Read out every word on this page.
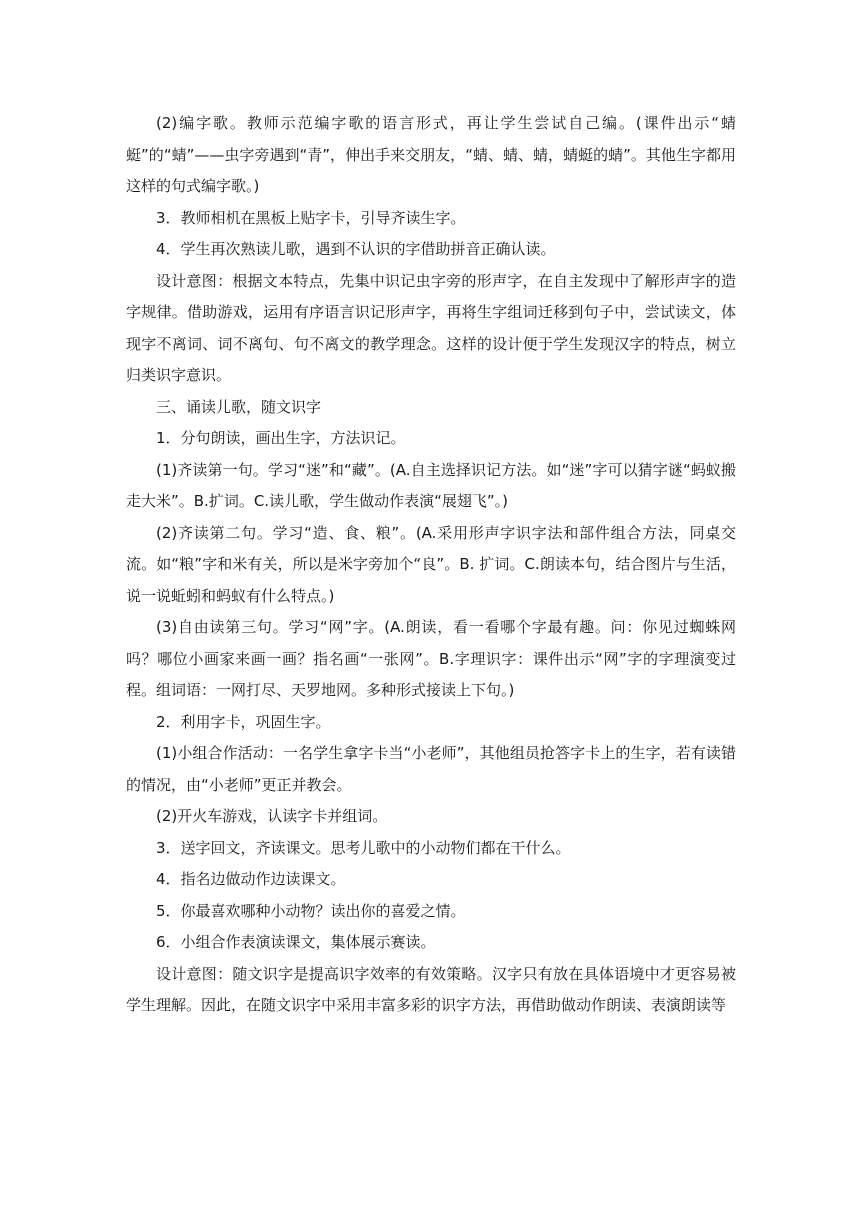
(2)编字歌。教师示范编字歌的语言形式，再让学生尝试自己编。(课件出示“蜻蜓”的“蜻”——虫字旁遇到“青”，伸出手来交朋友，“蜻、蜻、蜻，蜻蜓的蜻”。其他生字都用这样的句式编字歌。)

3．教师相机在黑板上贴字卡，引导齐读生字。

4．学生再次熟读儿歌，遇到不认识的字借助拼音正确认读。

设计意图：根据文本特点，先集中识记虫字旁的形声字，在自主发现中了解形声字的造字规律。借助游戏，运用有序语言识记形声字，再将生字组词迁移到句子中，尝试读文，体现字不离词、词不离句、句不离文的教学理念。这样的设计便于学生发现汉字的特点，树立归类识字意识。

三、诵读儿歌，随文识字

1．分句朗读，画出生字，方法识记。

(1)齐读第一句。学习“迷”和“藏”。(A.自主选择识记方法。如“迷”字可以猜字谜“蚂蚁搬走大米”。B.扩词。C.读儿歌，学生做动作表演“展翅飞”。)

(2)齐读第二句。学习“造、食、粮”。(A.采用形声字识字法和部件组合方法，同桌交流。如“粮”字和米有关，所以是米字旁加个“良”。B. 扩词。C.朗读本句，结合图片与生活，说一说蚯蚓和蚂蚁有什么特点。)

(3)自由读第三句。学习“网”字。(A.朗读，看一看哪个字最有趣。问：你见过蜘蛛网吗？哪位小画家来画一画？指名画“一张网”。B.字理识字：课件出示“网”字的字理演变过程。组词语：一网打尽、天罗地网。多种形式接读上下句。)

2．利用字卡，巩固生字。

(1)小组合作活动：一名学生拿字卡当“小老师”，其他组员抢答字卡上的生字，若有读错的情况，由“小老师”更正并教会。

(2)开火车游戏，认读字卡并组词。

3．送字回文，齐读课文。思考儿歌中的小动物们都在干什么。

4．指名边做动作边读课文。

5．你最喜欢哪种小动物？读出你的喜爱之情。

6．小组合作表演读课文，集体展示赛读。

设计意图：随文识字是提高识字效率的有效策略。汉字只有放在具体语境中才更容易被学生理解。因此，在随文识字中采用丰富多彩的识字方法，再借助做动作朗读、表演朗读等
